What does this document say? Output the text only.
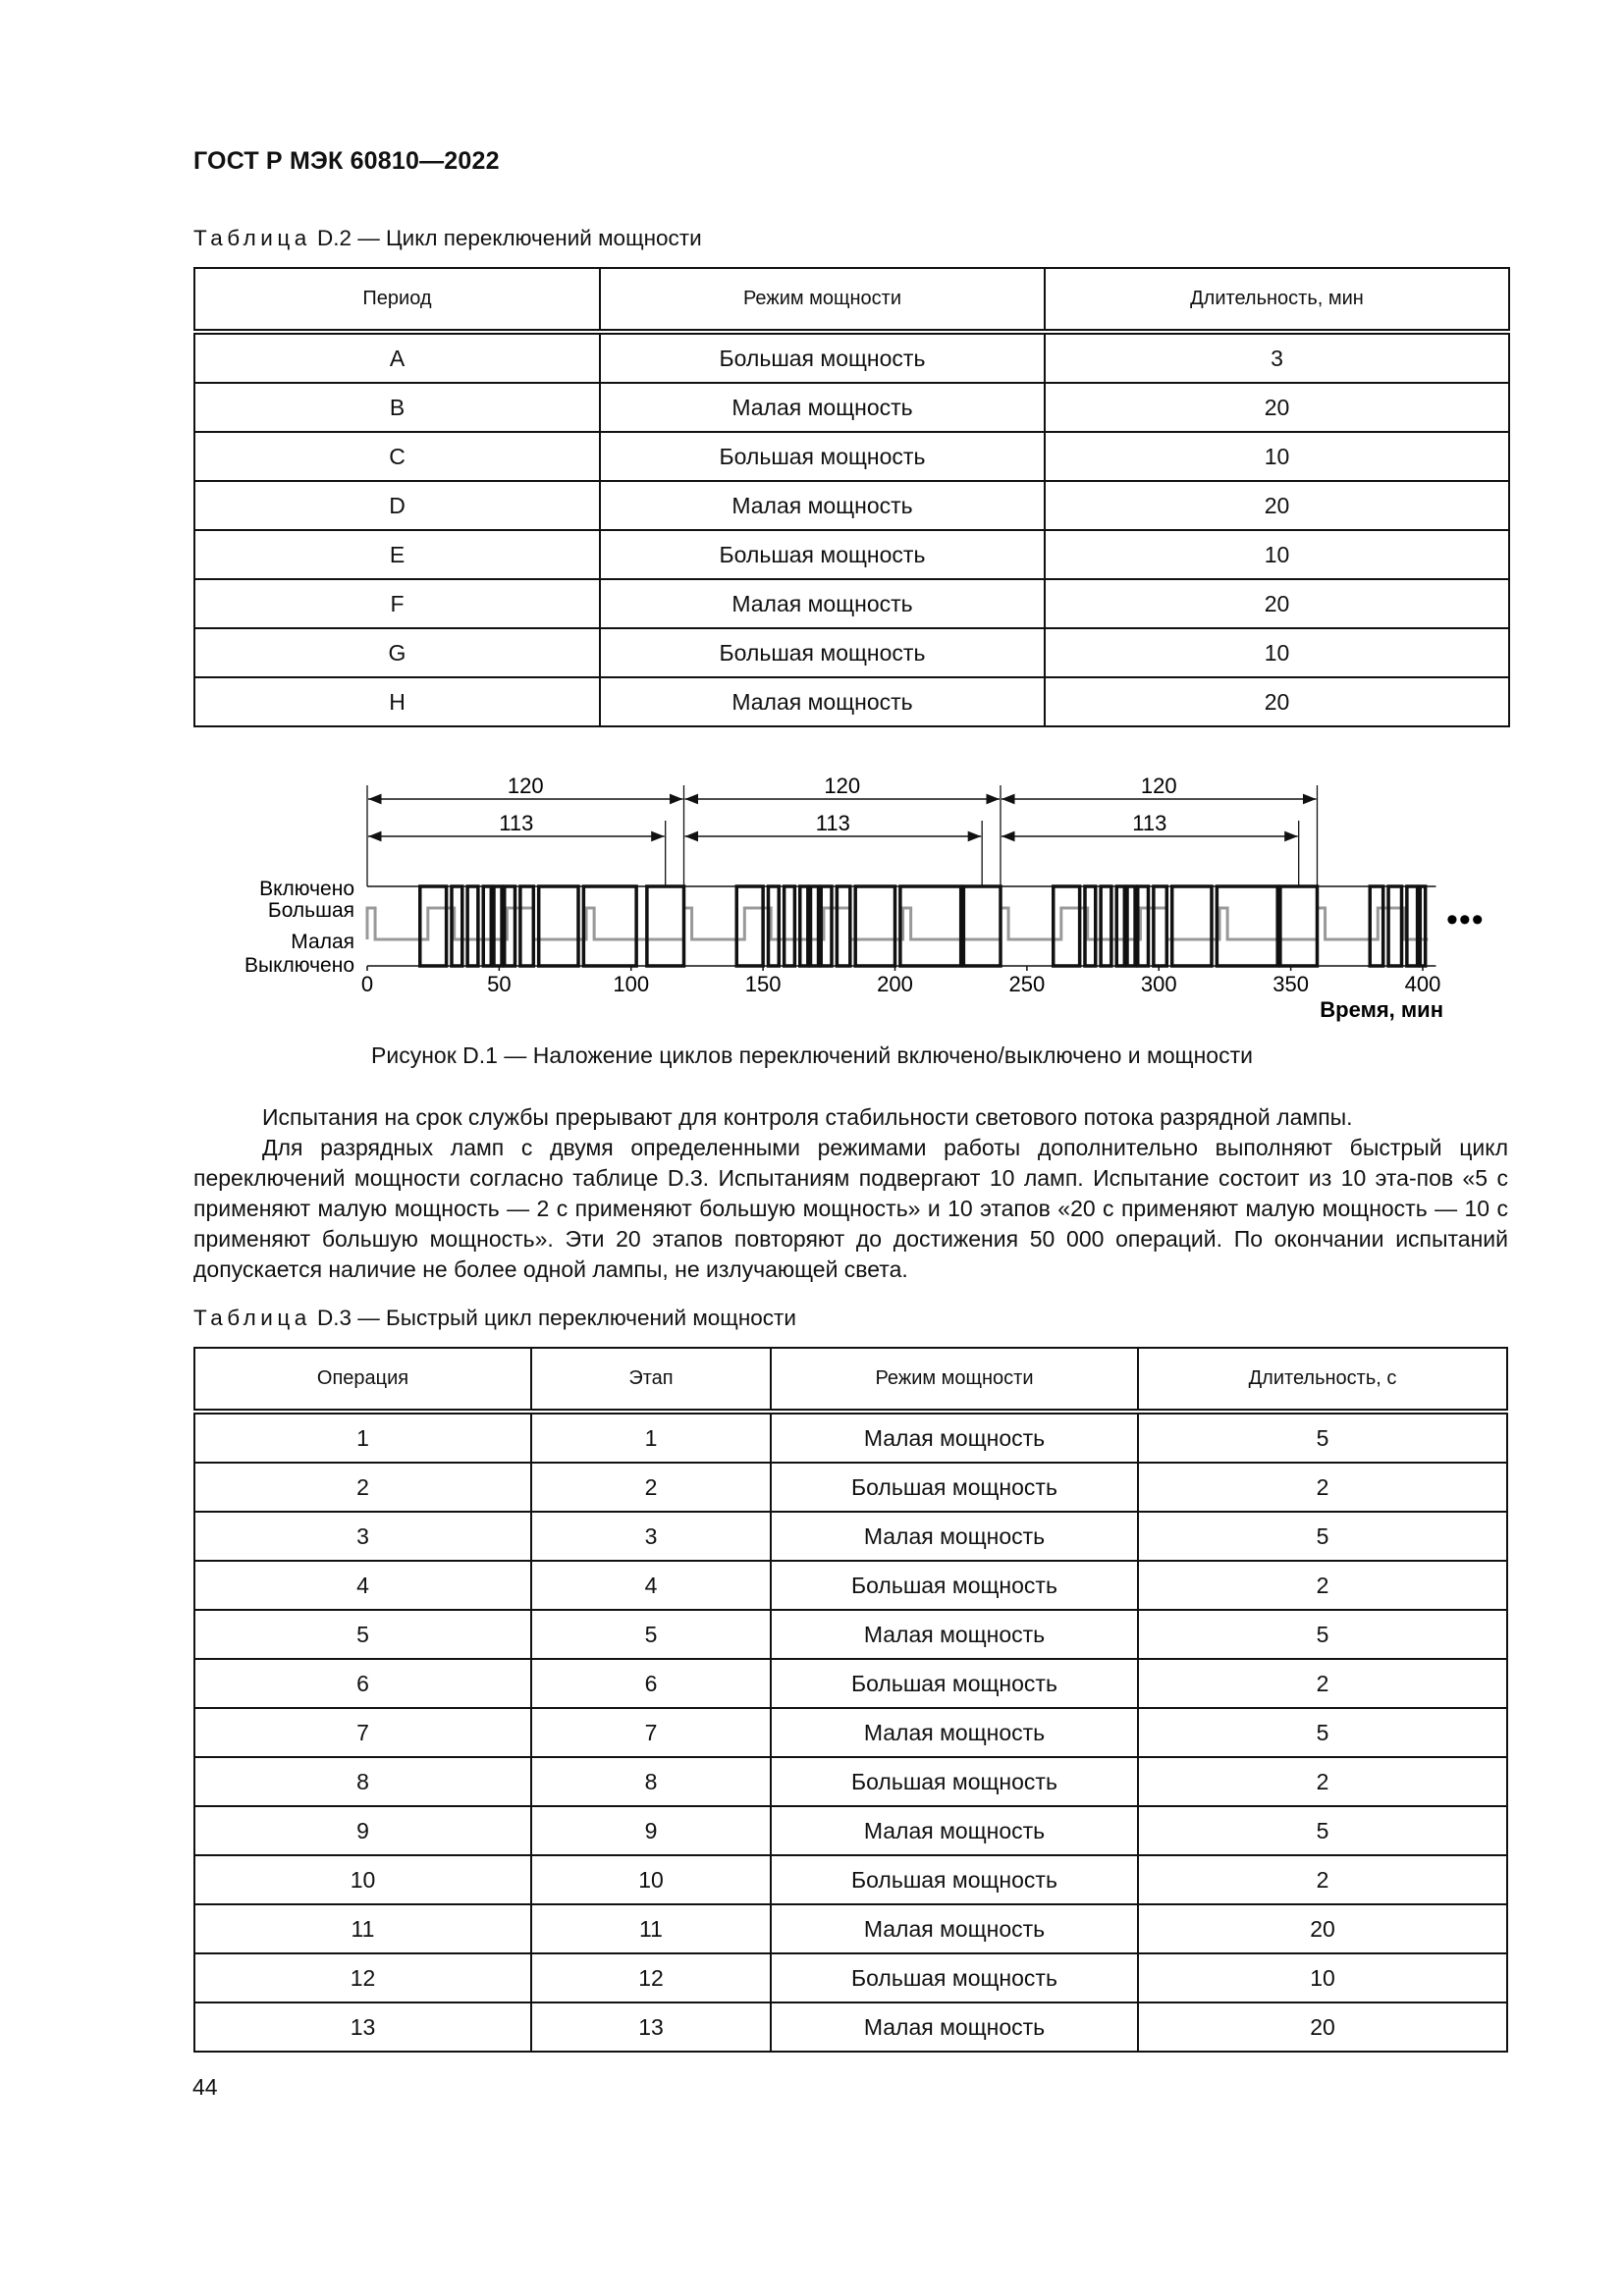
ГОСТ Р МЭК 60810—2022
Таблица D.2 — Цикл переключений мощности
Период	Режим мощности	Длительность, мин
A	Большая мощность	3
B	Малая мощность	20
C	Большая мощность	10
D	Малая мощность	20
E	Большая мощность	10
F	Малая мощность	20
G	Большая мощность	10
H	Малая мощность	20
120
113
120
113
120
113
0	50	100	150	200	250	300	350	400
Включено
Большая
Малая
Выключено
Время, мин
•••
Рисунок D.1 — Наложение циклов переключений включено/выключено и мощности

Испытания на срок службы прерывают для контроля стабильности светового потока разрядной лампы.

Для разрядных ламп с двумя определенными режимами работы дополнительно выполняют быстрый цикл переключений мощности согласно таблице D.3. Испытаниям подвергают 10 ламп. Испытание состоит из 10 эта-пов «5 с применяют малую мощность — 2 с применяют большую мощность» и 10 этапов «20 с применяют малую мощность — 10 с применяют большую мощность». Эти 20 этапов повторяют до достижения 50 000 операций. По окончании испытаний допускается наличие не более одной лампы, не излучающей света.

Таблица D.3 — Быстрый цикл переключений мощности
Операция	Этап	Режим мощности	Длительность, с
1	1	Малая мощность	5
2	2	Большая мощность	2
3	3	Малая мощность	5
4	4	Большая мощность	2
5	5	Малая мощность	5
6	6	Большая мощность	2
7	7	Малая мощность	5
8	8	Большая мощность	2
9	9	Малая мощность	5
10	10	Большая мощность	2
11	11	Малая мощность	20
12	12	Большая мощность	10
13	13	Малая мощность	20
44
